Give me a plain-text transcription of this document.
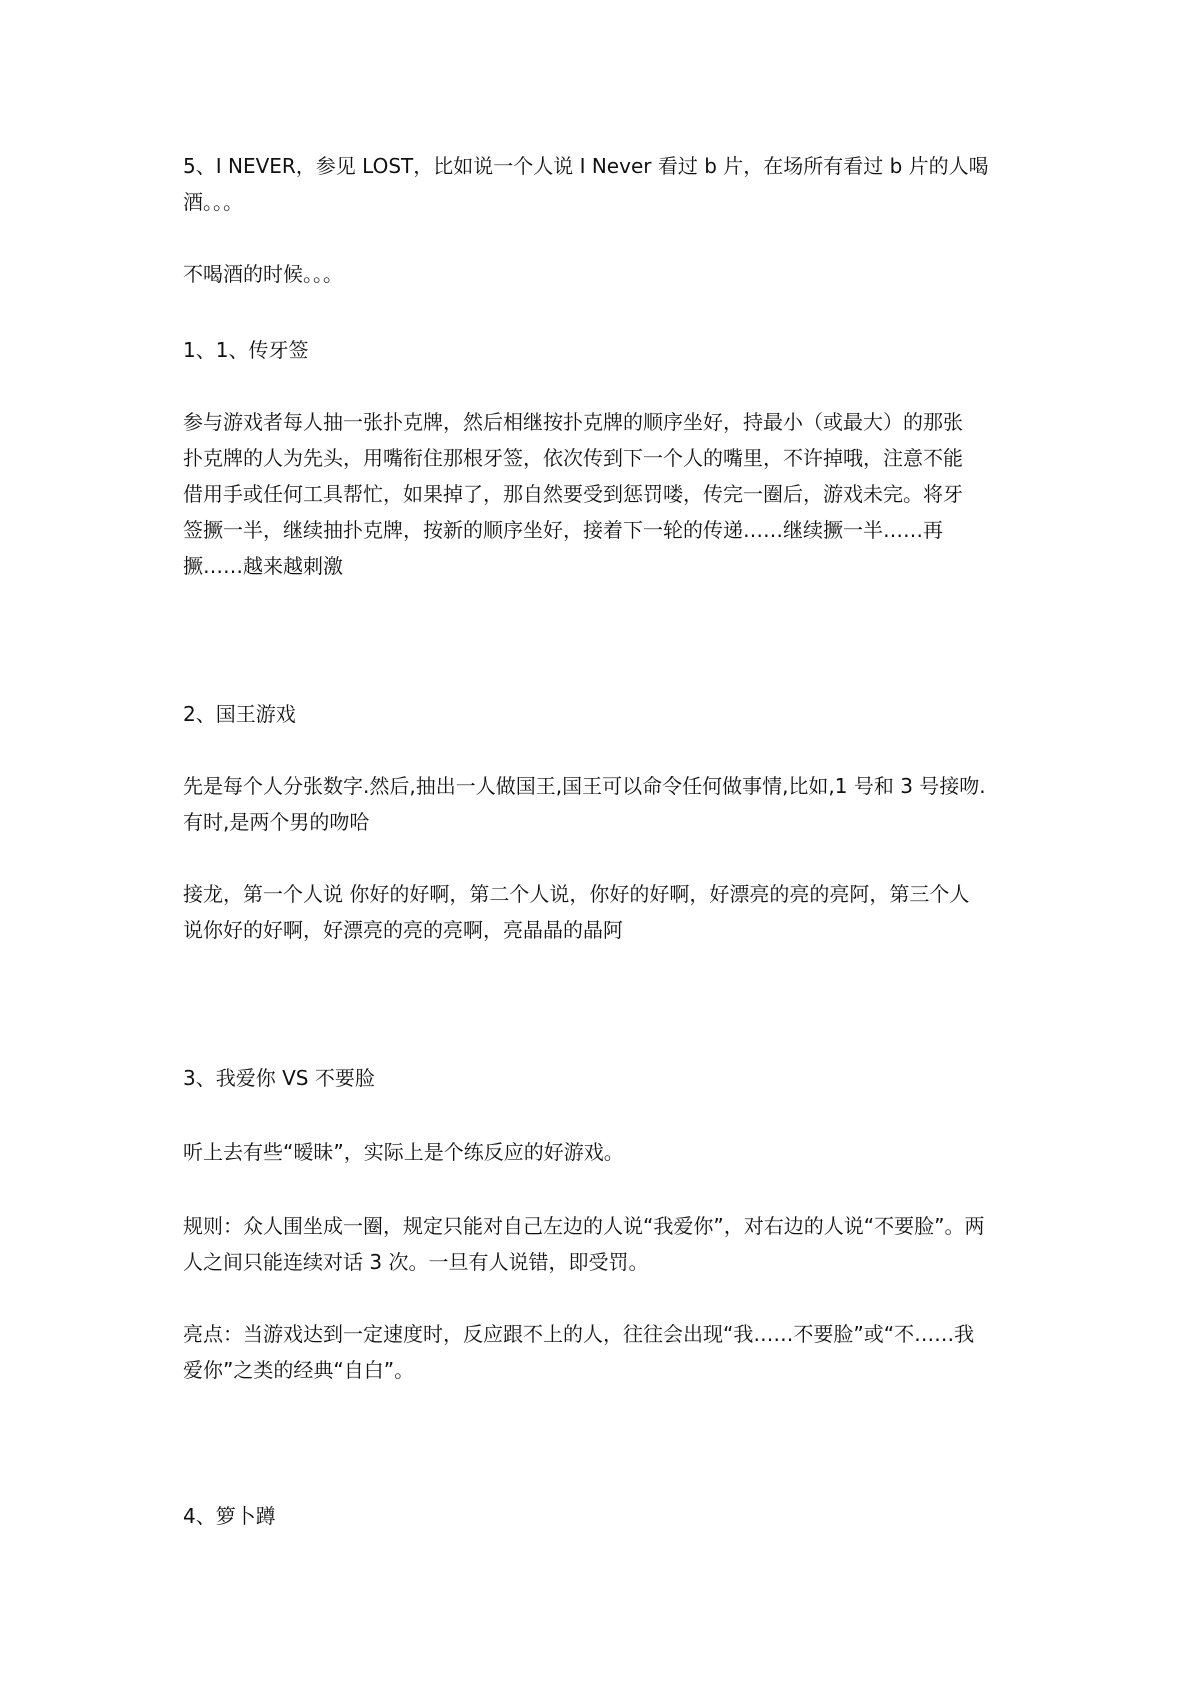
5、I NEVER，参见 LOST，比如说一个人说 I Never 看过 b 片，在场所有看过 b 片的人喝
酒。。。
不喝酒的时候。。。
1、1、传牙签
参与游戏者每人抽一张扑克牌，然后相继按扑克牌的顺序坐好，持最小（或最大）的那张
扑克牌的人为先头，用嘴衔住那根牙签，依次传到下一个人的嘴里，不许掉哦，注意不能
借用手或任何工具帮忙，如果掉了，那自然要受到惩罚喽，传完一圈后，游戏未完。将牙
签撅一半，继续抽扑克牌，按新的顺序坐好，接着下一轮的传递……继续撅一半……再
撅……越来越刺激
2、国王游戏
先是每个人分张数字.然后,抽出一人做国王,国王可以命令任何做事情,比如,1 号和 3 号接吻.
有时,是两个男的吻哈
接龙，第一个人说 你好的好啊，第二个人说，你好的好啊，好漂亮的亮的亮阿，第三个人
说你好的好啊，好漂亮的亮的亮啊，亮晶晶的晶阿
3、我爱你 VS 不要脸
听上去有些“暧昧”，实际上是个练反应的好游戏。
规则：众人围坐成一圈，规定只能对自己左边的人说“我爱你”，对右边的人说“不要脸”。两
人之间只能连续对话 3 次。一旦有人说错，即受罚。
亮点：当游戏达到一定速度时，反应跟不上的人，往往会出现“我……不要脸”或“不……我
爱你”之类的经典“自白”。
4、箩卜蹲
